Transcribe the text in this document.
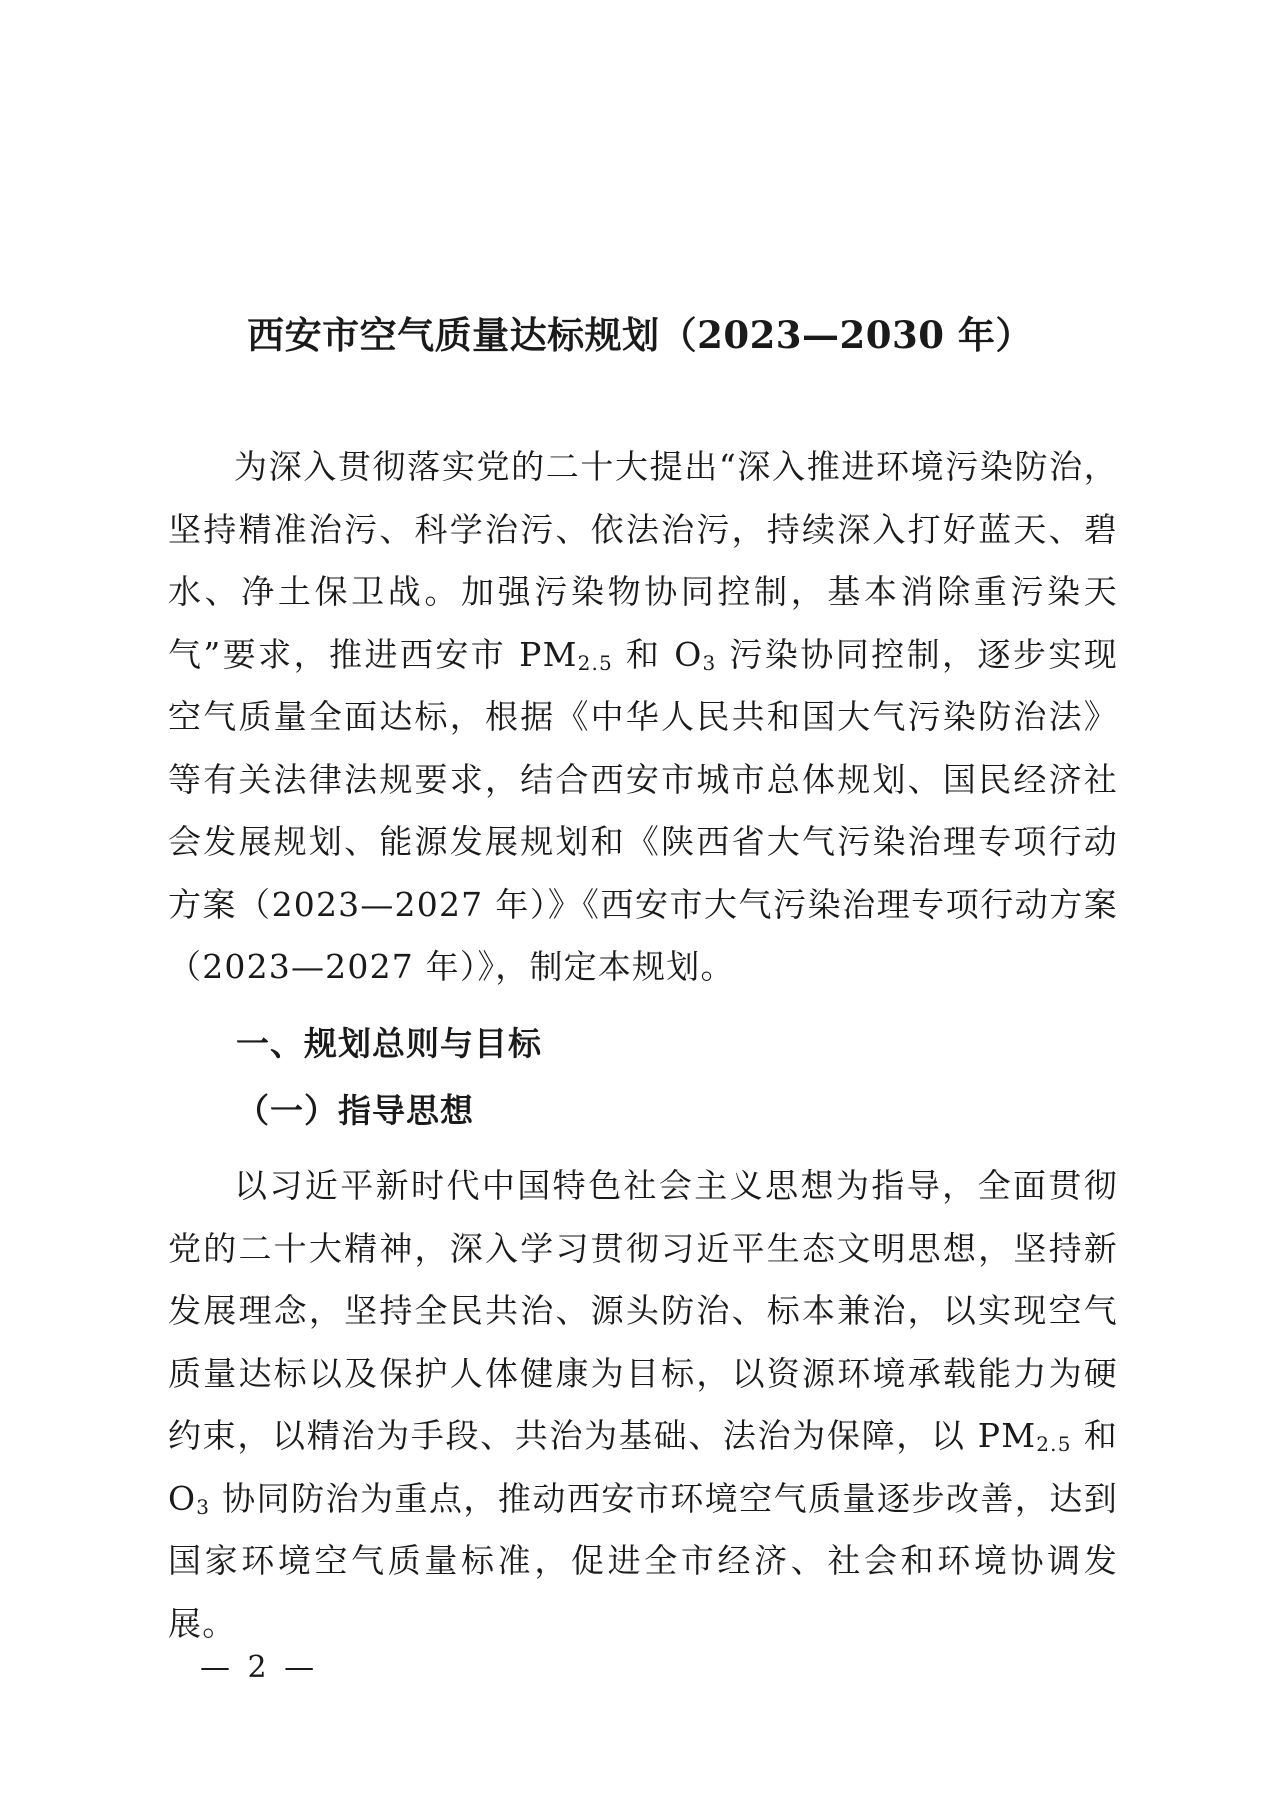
西安市空气质量达标规划（2023—2030 年）

为深入贯彻落实党的二十大提出“深入推进环境污染防治，坚持精准治污、科学治污、依法治污，持续深入打好蓝天、碧水、净土保卫战。加强污染物协同控制，基本消除重污染天气”要求，推进西安市 $PM_{2.5}$ 和 $O_3$ 污染协同控制，逐步实现空气质量全面达标，根据《中华人民共和国大气污染防治法》等有关法律法规要求，结合西安市城市总体规划、国民经济社会发展规划、能源发展规划和《陕西省大气污染治理专项行动方案（2023—2027 年）》《西安市大气污染治理专项行动方案（2023—2027 年）》，制定本规划。

一、规划总则与目标
（一）指导思想

以习近平新时代中国特色社会主义思想为指导，全面贯彻党的二十大精神，深入学习贯彻习近平生态文明思想，坚持新发展理念，坚持全民共治、源头防治、标本兼治，以实现空气质量达标以及保护人体健康为目标，以资源环境承载能力为硬约束，以精治为手段、共治为基础、法治为保障，以 $PM_{2.5}$ 和 $O_3$ 协同防治为重点，推动西安市环境空气质量逐步改善，达到国家环境空气质量标准，促进全市经济、社会和环境协调发展。

— 2 —
